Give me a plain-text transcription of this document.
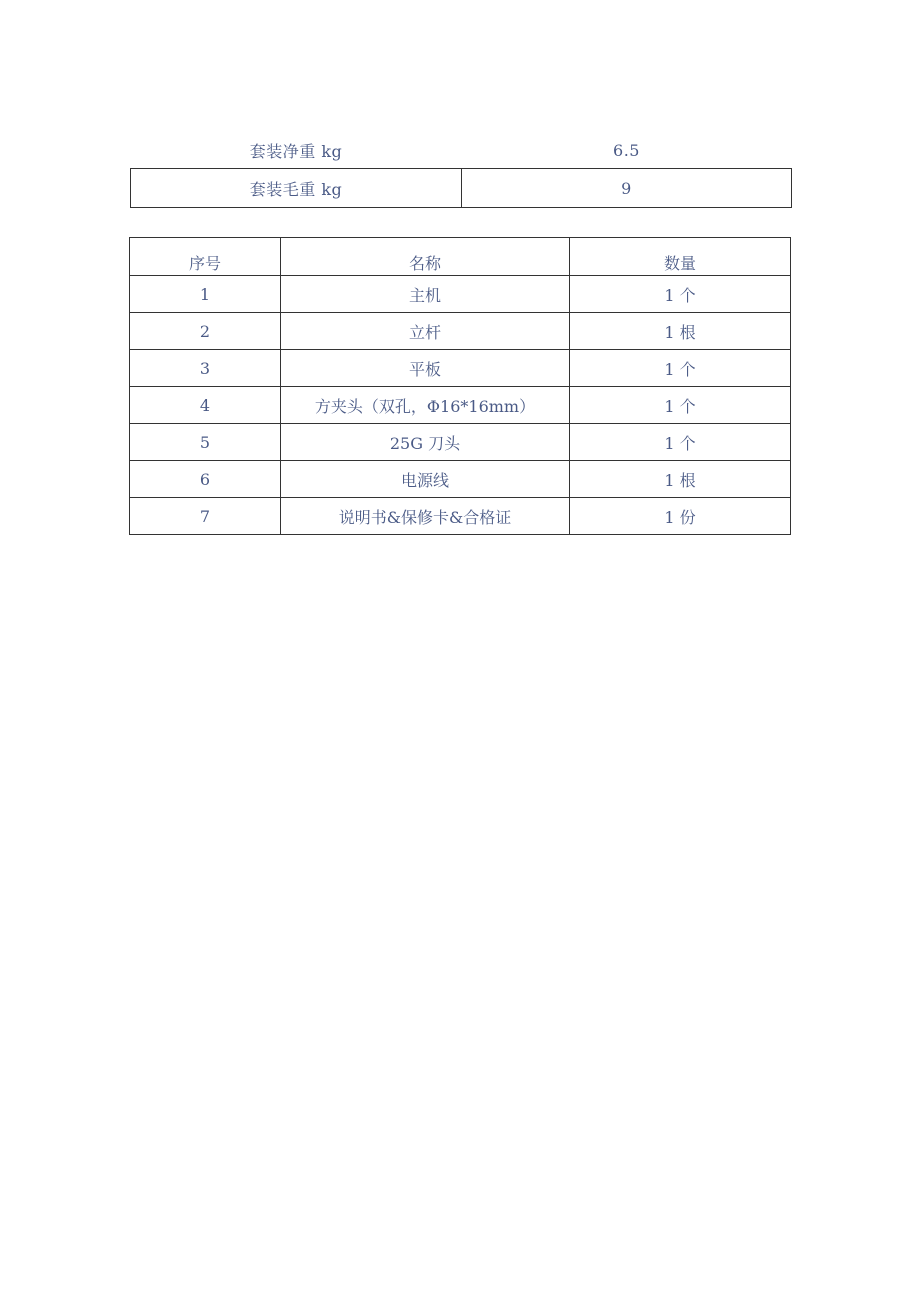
套装净重 kg	6.5
套装毛重 kg	9
序号	名称	数量
1	主机	1 个
2	立杆	1 根
3	平板	1 个
4	方夹头（双孔，Φ16*16mm）	1 个
5	25G 刀头	1 个
6	电源线	1 根
7	说明书&保修卡&合格证	1 份
